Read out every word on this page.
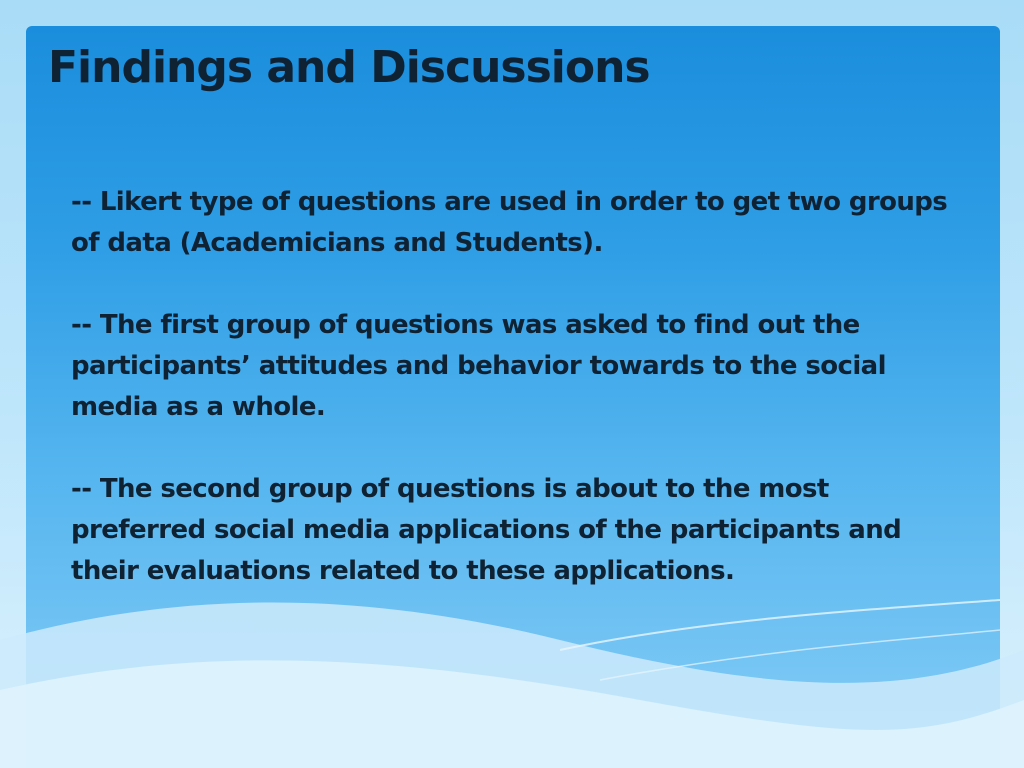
Findings and Discussions

-- Likert type of questions are used in order to get two groups of data (Academicians and Students).

-- The first group of questions was asked to find out the participants’ attitudes and behavior towards to the social media as a whole.

-- The second group of questions is about to the most preferred social media applications of the participants and their evaluations related to these applications.
